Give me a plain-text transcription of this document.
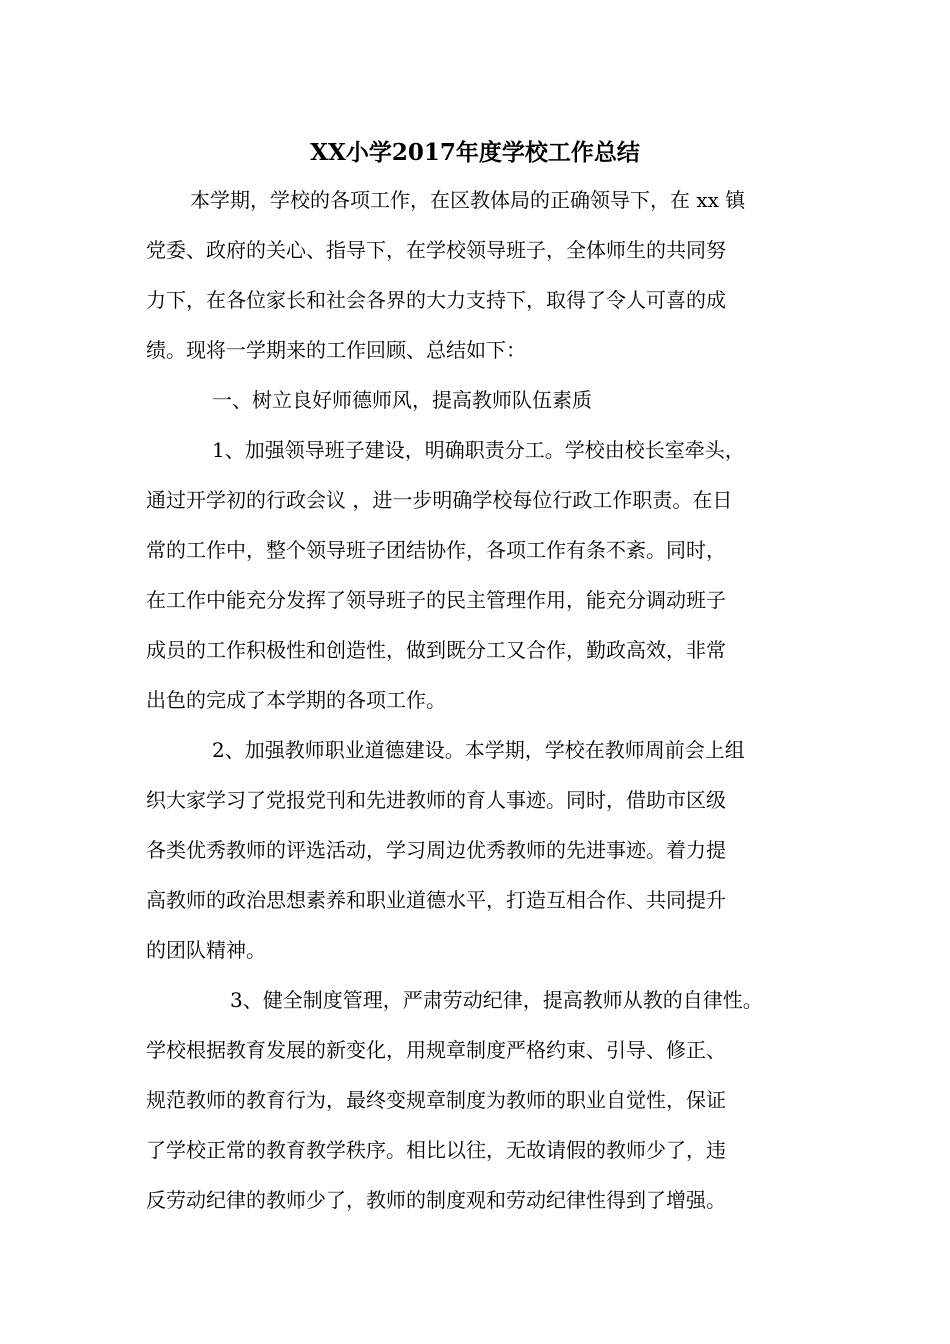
XX小学2017年度学校工作总结
本学期，学校的各项工作，在区教体局的正确领导下，在 xx 镇
党委、政府的关心、指导下，在学校领导班子，全体师生的共同努
力下，在各位家长和社会各界的大力支持下，取得了令人可喜的成
绩。现将一学期来的工作回顾、总结如下：
一、树立良好师德师风，提高教师队伍素质
1、加强领导班子建设，明确职责分工。学校由校长室牵头，
通过开学初的行政会议 ，进一步明确学校每位行政工作职责。在日
常的工作中，整个领导班子团结协作，各项工作有条不紊。同时，
在工作中能充分发挥了领导班子的民主管理作用，能充分调动班子
成员的工作积极性和创造性，做到既分工又合作，勤政高效，非常
出色的完成了本学期的各项工作。
2、加强教师职业道德建设。本学期，学校在教师周前会上组
织大家学习了党报党刊和先进教师的育人事迹。同时，借助市区级
各类优秀教师的评选活动，学习周边优秀教师的先进事迹。着力提
高教师的政治思想素养和职业道德水平，打造互相合作、共同提升
的团队精神。
3、健全制度管理，严肃劳动纪律，提高教师从教的自律性。
学校根据教育发展的新变化，用规章制度严格约束、引导、修正、
规范教师的教育行为，最终变规章制度为教师的职业自觉性，保证
了学校正常的教育教学秩序。相比以往，无故请假的教师少了，违
反劳动纪律的教师少了，教师的制度观和劳动纪律性得到了增强。
